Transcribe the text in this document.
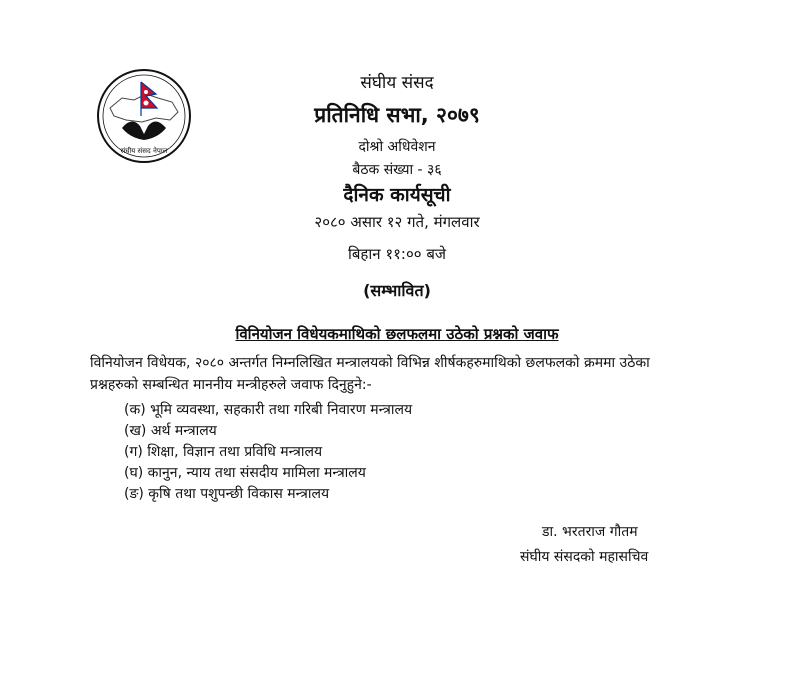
संघीय संसद नेपाल
संघीय संसद
प्रतिनिधि सभा, २०७९
दोश्रो अधिवेशन
बैठक संख्या - ३६
दैनिक कार्यसूची
२०८० असार १२ गते, मंगलवार
बिहान ११:०० बजे
(सम्भावित)
विनियोजन विधेयकमाथिको छलफलमा उठेको प्रश्नको जवाफ
विनियोजन विधेयक, २०८० अन्तर्गत निम्नलिखित मन्त्रालयको विभिन्न शीर्षकहरुमाथिको छलफलको क्रममा उठेका प्रश्नहरुको सम्बन्धित माननीय मन्त्रीहरुले जवाफ दिनुहुने:-
(क) भूमि व्यवस्था, सहकारी तथा गरिबी निवारण मन्त्रालय
(ख) अर्थ मन्त्रालय
(ग) शिक्षा, विज्ञान तथा प्रविधि मन्त्रालय
(घ) कानुन, न्याय तथा संसदीय मामिला मन्त्रालय
(ङ) कृषि तथा पशुपन्छी विकास मन्त्रालय
डा. भरतराज गौतम
संघीय संसदको महासचिव
